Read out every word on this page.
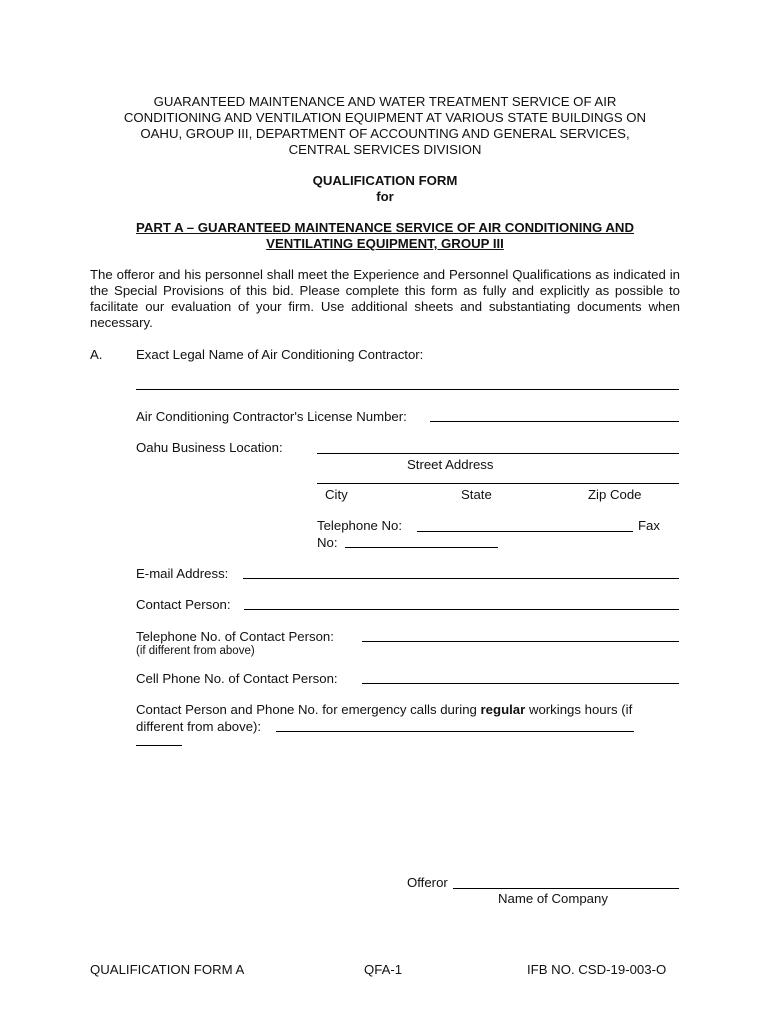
GUARANTEED MAINTENANCE AND WATER TREATMENT SERVICE OF AIR
CONDITIONING AND VENTILATION EQUIPMENT AT VARIOUS STATE BUILDINGS ON
OAHU, GROUP III, DEPARTMENT OF ACCOUNTING AND GENERAL SERVICES,
CENTRAL SERVICES DIVISION
QUALIFICATION FORM
for
PART A – GUARANTEED MAINTENANCE SERVICE OF AIR CONDITIONING AND
VENTILATING EQUIPMENT, GROUP III
The offeror and his personnel shall meet the Experience and Personnel Qualifications as indicated in the Special Provisions of this bid. Please complete this form as fully and explicitly as possible to facilitate our evaluation of your firm. Use additional sheets and substantiating documents when necessary.
A.	Exact Legal Name of Air Conditioning Contractor:
Air Conditioning Contractor's License Number:
Oahu Business Location:
Street Address
City	State	Zip Code
Telephone No:	Fax
No:
E-mail Address:
Contact Person:
Telephone No. of Contact Person:
(if different from above)
Cell Phone No. of Contact Person:
Contact Person and Phone No. for emergency calls during regular workings hours (if
different from above):
Offeror
Name of Company
QUALIFICATION FORM A	QFA-1	IFB NO. CSD-19-003-O
